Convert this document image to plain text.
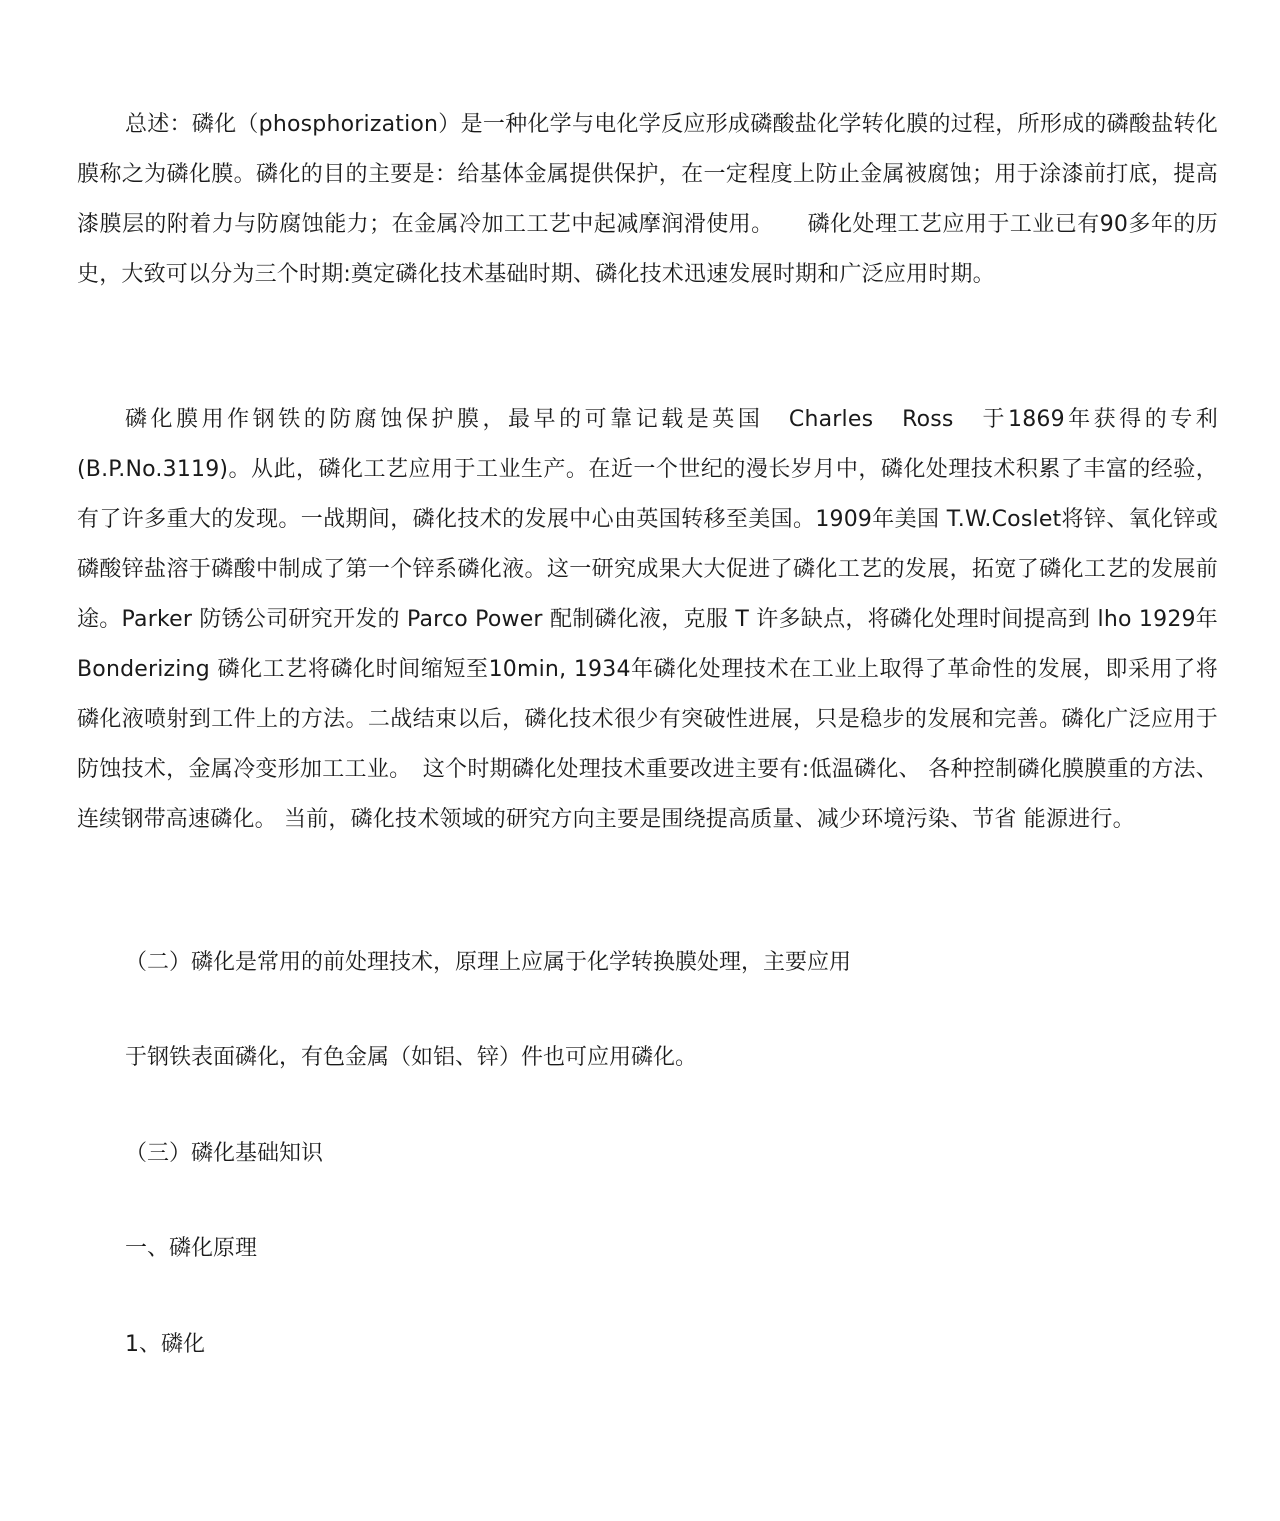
总述：磷化（phosphorization）是一种化学与电化学反应形成磷酸盐化学转化膜的过程，所形成的磷酸盐转化膜称之为磷化膜。磷化的目的主要是：给基体金属提供保护，在一定程度上防止金属被腐蚀；用于涂漆前打底，提高漆膜层的附着力与防腐蚀能力；在金属冷加工工艺中起减摩润滑使用。　　磷化处理工艺应用于工业已有90多年的历史，大致可以分为三个时期:奠定磷化技术基础时期、磷化技术迅速发展时期和广泛应用时期。

磷化膜用作钢铁的防腐蚀保护膜，最早的可靠记载是英国　Charles　Ross　于1869年获得的专利(B.P.No.3119)。从此，磷化工艺应用于工业生产。在近一个世纪的漫长岁月中，磷化处理技术积累了丰富的经验，有了许多重大的发现。一战期间，磷化技术的发展中心由英国转移至美国。1909年美国 T.W.Coslet将锌、氧化锌或磷酸锌盐溶于磷酸中制成了第一个锌系磷化液。这一研究成果大大促进了磷化工艺的发展，拓宽了磷化工艺的发展前途。Parker 防锈公司研究开发的 Parco Power 配制磷化液，克服 T 许多缺点，将磷化处理时间提高到 lho 1929年 Bonderizing 磷化工艺将磷化时间缩短至10min, 1934年磷化处理技术在工业上取得了革命性的发展，即采用了将磷化液喷射到工件上的方法。二战结束以后，磷化技术很少有突破性进展，只是稳步的发展和完善。磷化广泛应用于防蚀技术，金属冷变形加工工业。　这个时期磷化处理技术重要改进主要有:低温磷化、 各种控制磷化膜膜重的方法、连续钢带高速磷化。 当前，磷化技术领域的研究方向主要是围绕提高质量、减少环境污染、节省 能源进行。

（二）磷化是常用的前处理技术，原理上应属于化学转换膜处理，主要应用

于钢铁表面磷化，有色金属（如铝、锌）件也可应用磷化。

（三）磷化基础知识

一、磷化原理

1、磷化
